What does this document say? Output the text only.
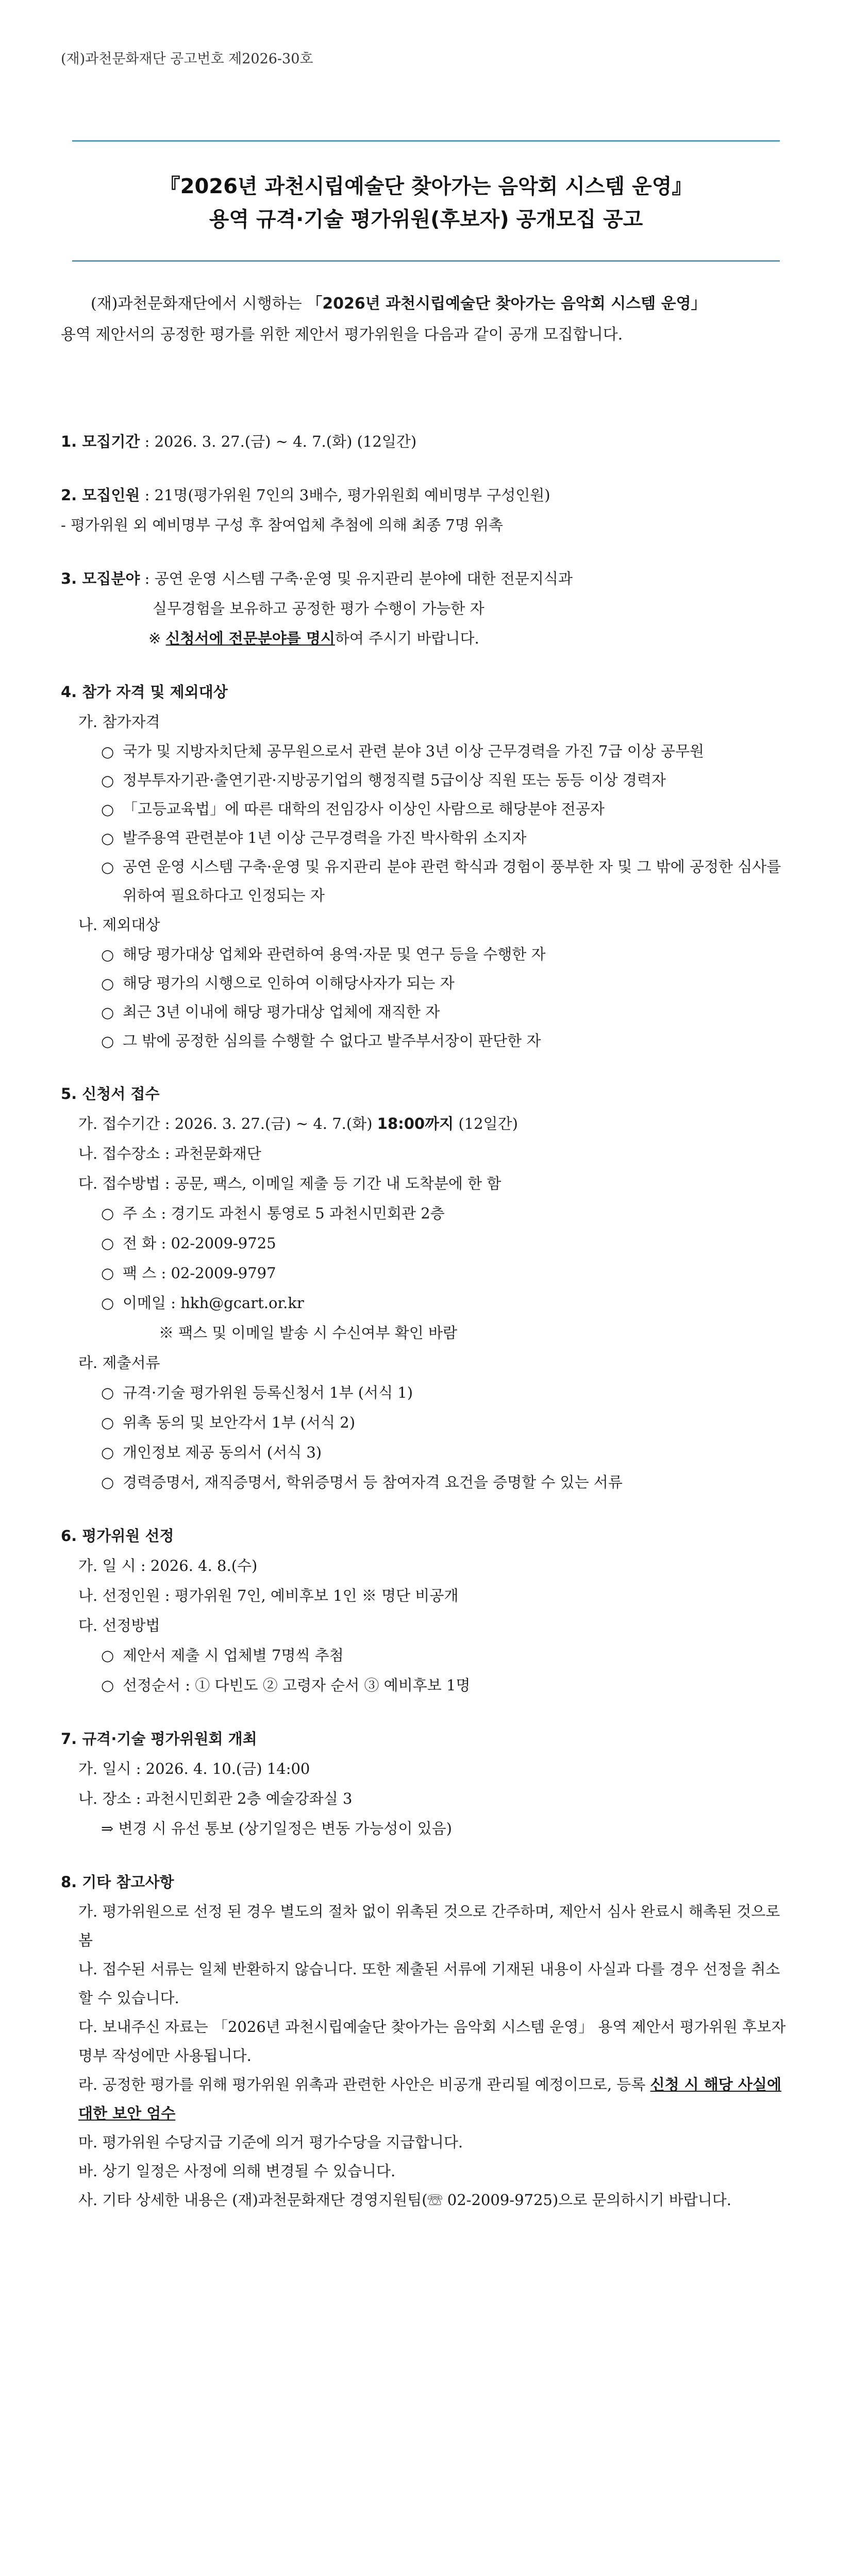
(재)과천문화재단 공고번호 제2026-30호
『2026년 과천시립예술단 찾아가는 음악회 시스템 운영』
용역 규격·기술 평가위원(후보자) 공개모집 공고
(재)과천문화재단에서 시행하는 「2026년 과천시립예술단 찾아가는 음악회 시스템 운영」
용역 제안서의 공정한 평가를 위한 제안서 평가위원을 다음과 같이 공개 모집합니다.
1. 모집기간 : 2026. 3. 27.(금) ~ 4. 7.(화) (12일간)
2. 모집인원 : 21명(평가위원 7인의 3배수, 평가위원회 예비명부 구성인원)
- 평가위원 외 예비명부 구성 후 참여업체 추첨에 의해 최종 7명 위촉
3. 모집분야 : 공연 운영 시스템 구축·운영 및 유지관리 분야에 대한 전문지식과
실무경험을 보유하고 공정한 평가 수행이 가능한 자
※ 신청서에 전문분야를 명시하여 주시기 바랍니다.
4. 참가 자격 및 제외대상
가. 참가자격
○ 국가 및 지방자치단체 공무원으로서 관련 분야 3년 이상 근무경력을 가진 7급 이상 공무원
○ 정부투자기관·출연기관·지방공기업의 행정직렬 5급이상 직원 또는 동등 이상 경력자
○ 「고등교육법」에 따른 대학의 전임강사 이상인 사람으로 해당분야 전공자
○ 발주용역 관련분야 1년 이상 근무경력을 가진 박사학위 소지자
○ 공연 운영 시스템 구축·운영 및 유지관리 분야 관련 학식과 경험이 풍부한 자 및 그 밖에 공정한 심사를 위하여 필요하다고 인정되는 자
나. 제외대상
○ 해당 평가대상 업체와 관련하여 용역·자문 및 연구 등을 수행한 자
○ 해당 평가의 시행으로 인하여 이해당사자가 되는 자
○ 최근 3년 이내에 해당 평가대상 업체에 재직한 자
○ 그 밖에 공정한 심의를 수행할 수 없다고 발주부서장이 판단한 자
5. 신청서 접수
가. 접수기간 : 2026. 3. 27.(금) ~ 4. 7.(화) 18:00까지 (12일간)
나. 접수장소 : 과천문화재단
다. 접수방법 : 공문, 팩스, 이메일 제출 등 기간 내 도착분에 한 함
○ 주 소 : 경기도 과천시 통영로 5 과천시민회관 2층
○ 전 화 : 02-2009-9725
○ 팩 스 : 02-2009-9797
○ 이메일 : hkh@gcart.or.kr
※ 팩스 및 이메일 발송 시 수신여부 확인 바람
라. 제출서류
○ 규격·기술 평가위원 등록신청서 1부 (서식 1)
○ 위촉 동의 및 보안각서 1부 (서식 2)
○ 개인정보 제공 동의서 (서식 3)
○ 경력증명서, 재직증명서, 학위증명서 등 참여자격 요건을 증명할 수 있는 서류
6. 평가위원 선정
가. 일 시 : 2026. 4. 8.(수)
나. 선정인원 : 평가위원 7인, 예비후보 1인 ※ 명단 비공개
다. 선정방법
○ 제안서 제출 시 업체별 7명씩 추첨
○ 선정순서 : ① 다빈도 ② 고령자 순서 ③ 예비후보 1명
7. 규격·기술 평가위원회 개최
가. 일시 : 2026. 4. 10.(금) 14:00
나. 장소 : 과천시민회관 2층 예술강좌실 3
⇒ 변경 시 유선 통보 (상기일정은 변동 가능성이 있음)
8. 기타 참고사항
가. 평가위원으로 선정 된 경우 별도의 절차 없이 위촉된 것으로 간주하며, 제안서 심사 완료시 해촉된 것으로 봄
나. 접수된 서류는 일체 반환하지 않습니다. 또한 제출된 서류에 기재된 내용이 사실과 다를 경우 선정을 취소할 수 있습니다.
다. 보내주신 자료는 「2026년 과천시립예술단 찾아가는 음악회 시스템 운영」 용역 제안서 평가위원 후보자 명부 작성에만 사용됩니다.
라. 공정한 평가를 위해 평가위원 위촉과 관련한 사안은 비공개 관리될 예정이므로, 등록 신청 시 해당 사실에 대한 보안 엄수
마. 평가위원 수당지급 기준에 의거 평가수당을 지급합니다.
바. 상기 일정은 사정에 의해 변경될 수 있습니다.
사. 기타 상세한 내용은 (재)과천문화재단 경영지원팀(☏ 02-2009-9725)으로 문의하시기 바랍니다.
